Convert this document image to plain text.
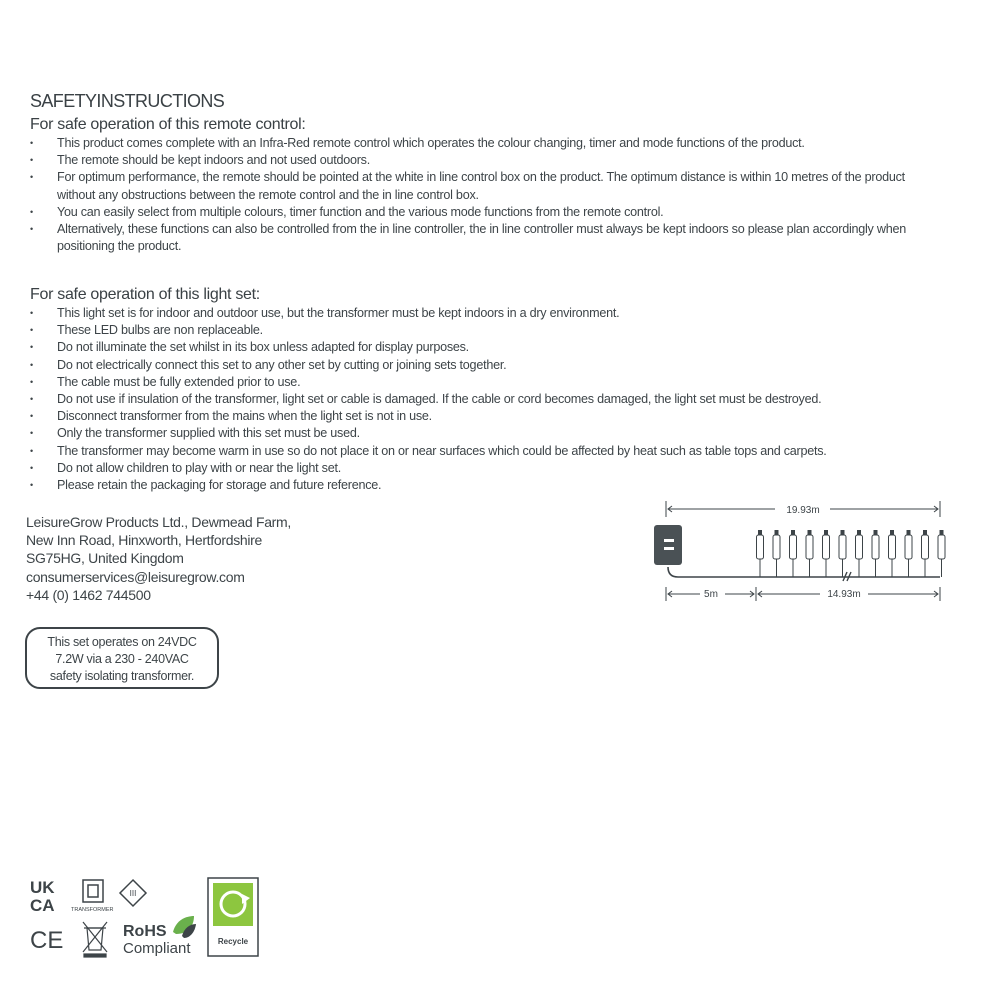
SAFETYINSTRUCTIONS
For safe operation of this remote control:
• This product comes complete with an Infra-Red remote control which operates the colour changing, timer and mode functions of the product.
• The remote should be kept indoors and not used outdoors.
• For optimum performance, the remote should be pointed at the white in line control box on the product. The optimum distance is within 10 metres of the product without any obstructions between the remote control and the in line control box.
• You can easily select from multiple colours, timer function and the various mode functions from the remote control.
• Alternatively, these functions can also be controlled from the in line controller, the in line controller must always be kept indoors so please plan accordingly when positioning the product.
For safe operation of this light set:
• This light set is for indoor and outdoor use, but the transformer must be kept indoors in a dry environment.
• These LED bulbs are non replaceable.
• Do not illuminate the set whilst in its box unless adapted for display purposes.
• Do not electrically connect this set to any other set by cutting or joining sets together.
• The cable must be fully extended prior to use.
• Do not use if insulation of the transformer, light set or cable is damaged. If the cable or cord becomes damaged, the light set must be destroyed.
• Disconnect transformer from the mains when the light set is not in use.
• Only the transformer supplied with this set must be used.
• The transformer may become warm in use so do not place it on or near surfaces which could be affected by heat such as table tops and carpets.
• Do not allow children to play with or near the light set.
• Please retain the packaging for storage and future reference.
LeisureGrow Products Ltd., Dewmead Farm,
New Inn Road, Hinxworth, Hertfordshire
SG75HG, United Kingdom
consumerservices@leisuregrow.com
+44 (0) 1462 744500
This set operates on 24VDC
7.2W via a 230 - 240VAC
safety isolating transformer.
19.93m
5m	14.93m
UK
CA	TRANSFORMER
III
CE	RoHS
Compliant	Recycle
